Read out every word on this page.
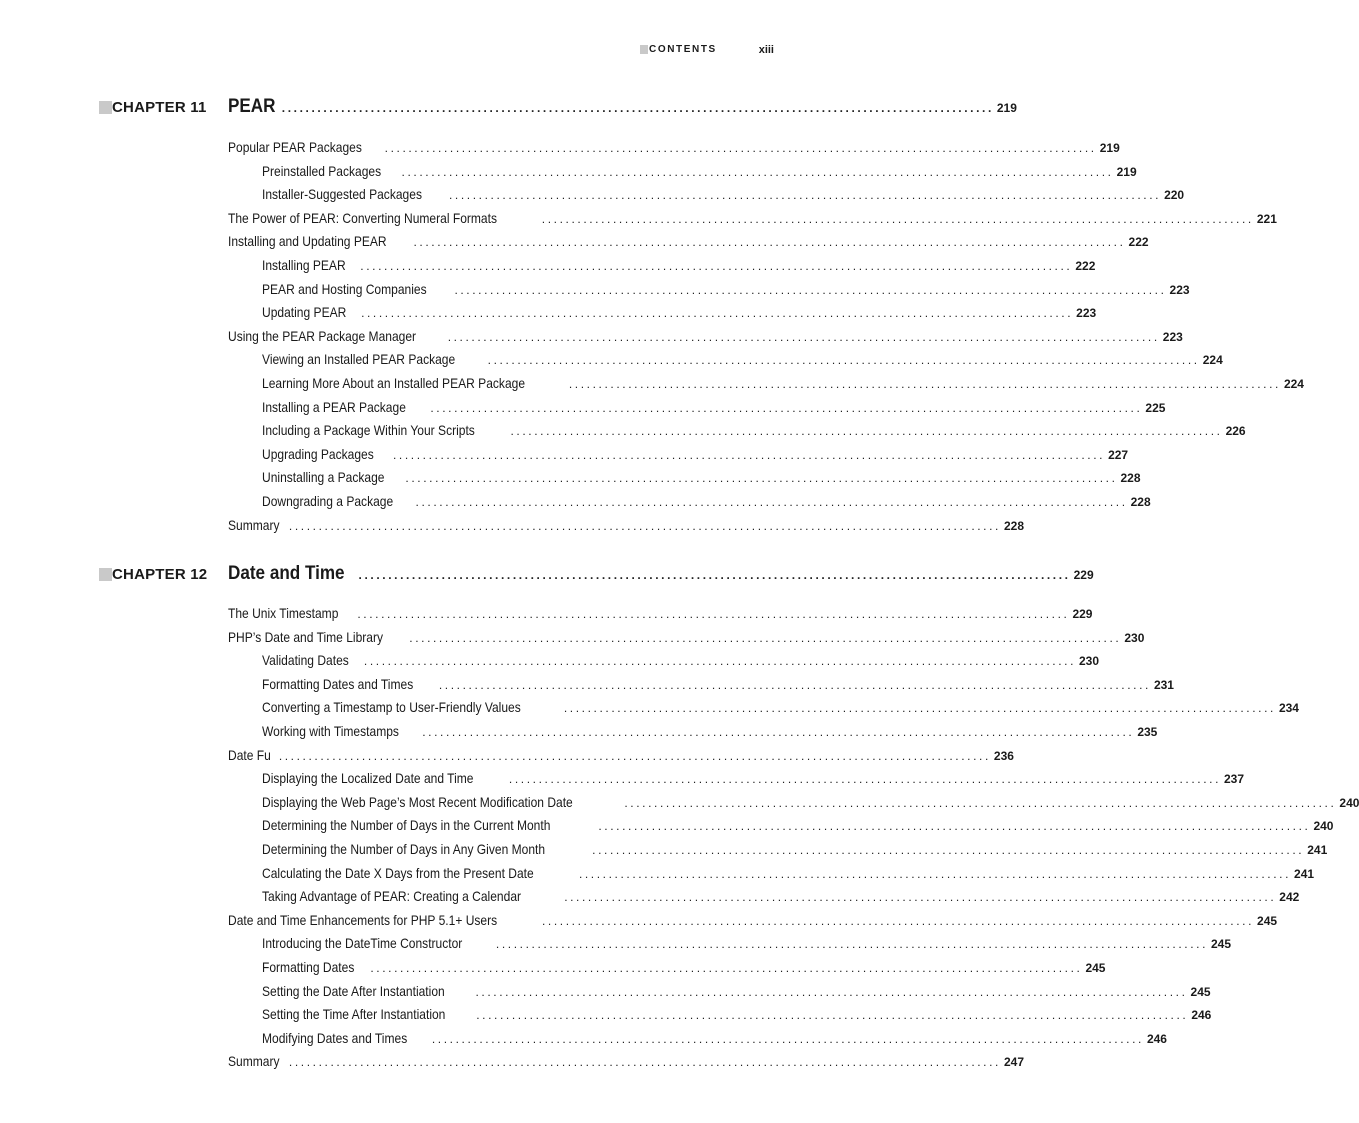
CONTENTS	xiii
CHAPTER 11 PEAR ........................................................................................................................ 219
Popular PEAR Packages ........................................................................................................................ 219
Preinstalled Packages ........................................................................................................................ 219
Installer-Suggested Packages ........................................................................................................................ 220
The Power of PEAR: Converting Numeral Formats	........................................................................................................................ 221
Installing and Updating PEAR ........................................................................................................................ 222
Installing PEAR ........................................................................................................................ 222
PEAR and Hosting Companies ........................................................................................................................ 223
Updating PEAR ........................................................................................................................ 223
Using the PEAR Package Manager	........................................................................................................................ 223
Viewing an Installed PEAR Package	........................................................................................................................ 224
Learning More About an Installed PEAR Package	........................................................................................................................ 224
Installing a PEAR Package ........................................................................................................................ 225
Including a Package Within Your Scripts	........................................................................................................................ 226
Upgrading Packages ........................................................................................................................ 227
Uninstalling a Package ........................................................................................................................ 228
Downgrading a Package ........................................................................................................................ 228
Summary ........................................................................................................................ 228
CHAPTER 12 Date and Time ........................................................................................................................ 229
The Unix Timestamp ........................................................................................................................ 229
PHP’s Date and Time Library ........................................................................................................................ 230
Validating Dates ........................................................................................................................ 230
Formatting Dates and Times ........................................................................................................................ 231
Converting a Timestamp to User-Friendly Values	........................................................................................................................ 234
Working with Timestamps ........................................................................................................................ 235
Date Fu ........................................................................................................................ 236
Displaying the Localized Date and Time	........................................................................................................................ 237
Displaying the Web Page’s Most Recent Modification Date	........................................................................................................................ 240
Determining the Number of Days in the Current Month	........................................................................................................................ 240
Determining the Number of Days in Any Given Month	........................................................................................................................ 241
Calculating the Date X Days from the Present Date	........................................................................................................................ 241
Taking Advantage of PEAR: Creating a Calendar	........................................................................................................................ 242
Date and Time Enhancements for PHP 5.1+ Users	........................................................................................................................ 245
Introducing the DateTime Constructor	........................................................................................................................ 245
Formatting Dates ........................................................................................................................ 245
Setting the Date After Instantiation	........................................................................................................................ 245
Setting the Time After Instantiation	........................................................................................................................ 246
Modifying Dates and Times ........................................................................................................................ 246
Summary ........................................................................................................................ 247
